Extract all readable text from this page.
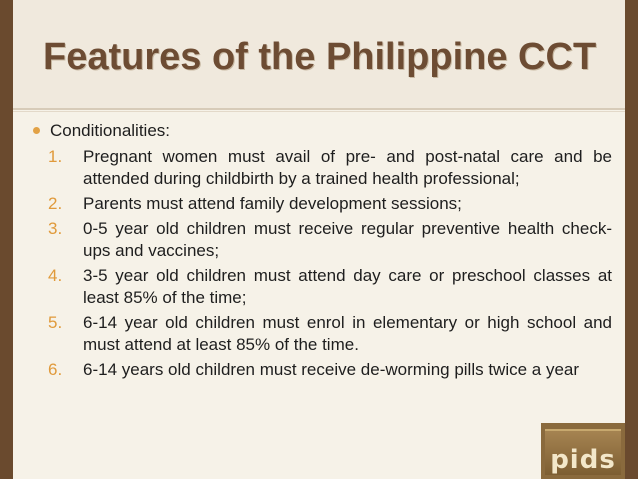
Features of the Philippine CCT
Conditionalities:
1. Pregnant women must avail of pre- and post-natal care and be attended during childbirth by a trained health professional;
2. Parents must attend family development sessions;
3. 0-5 year old children must receive regular preventive health check-ups and vaccines;
4. 3-5 year old children must attend day care or preschool classes at least 85% of the time;
5. 6-14 year old children must enrol in elementary or high school and must attend at least 85% of the time.
6. 6-14 years old children must receive de-worming pills twice a year
pids
